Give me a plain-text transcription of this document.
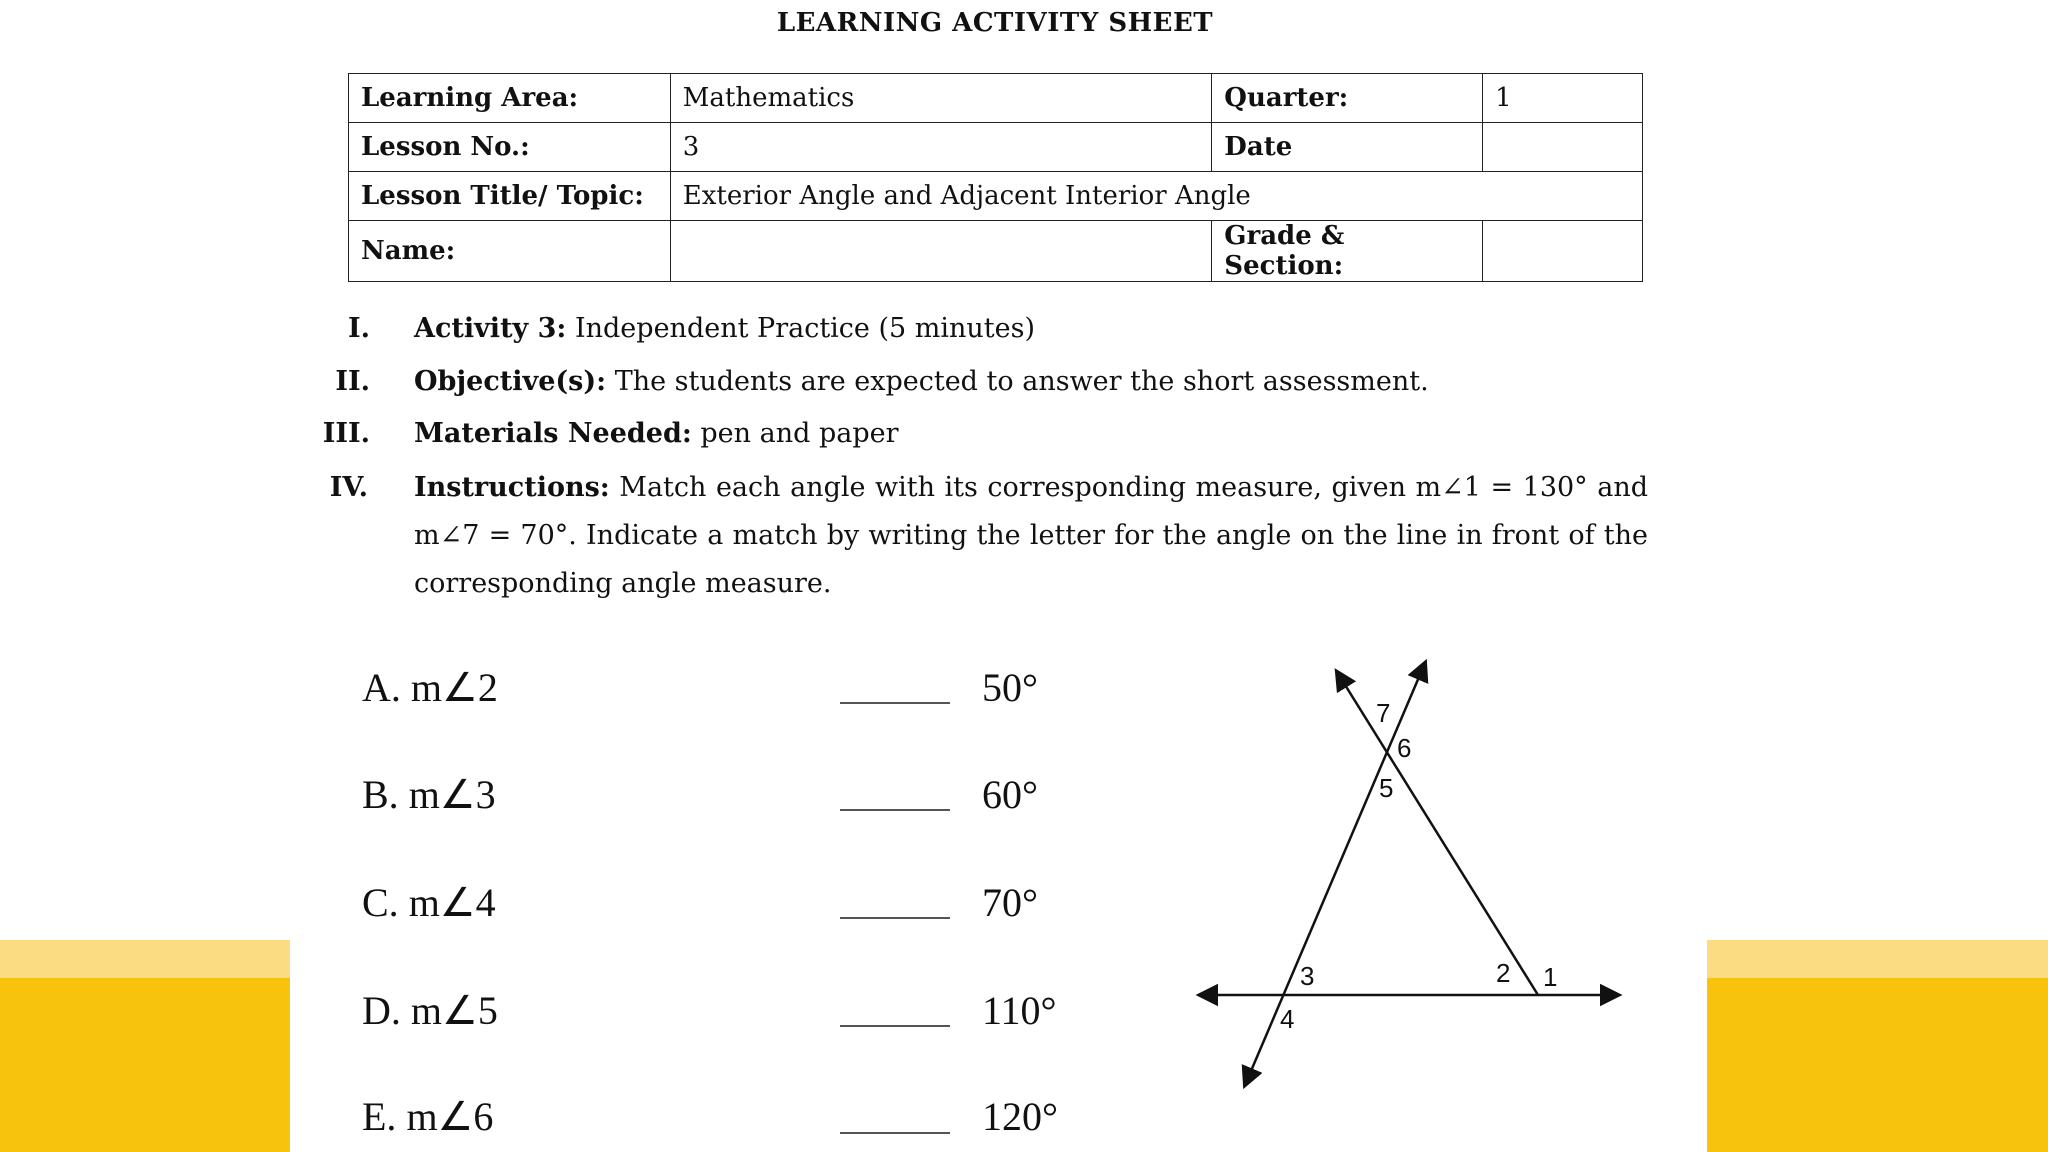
LEARNING ACTIVITY SHEET
Learning Area:	Mathematics	Quarter:	1
Lesson No.:	3	Date	
Lesson Title/ Topic:	Exterior Angle and Adjacent Interior Angle		
Name:		Grade & Section:	
I. Activity 3: Independent Practice (5 minutes)
II. Objective(s): The students are expected to answer the short assessment.
III. Materials Needed: pen and paper
IV. Instructions: Match each angle with its corresponding measure, given m∠1 = 130° and m∠7 = 70°. Indicate a match by writing the letter for the angle on the line in front of the corresponding angle measure.
A. m∠2	50°
B. m∠3	60°
C. m∠4	70°
D. m∠5	110°
E. m∠6	120°
7
6
5
3
4
2 1
